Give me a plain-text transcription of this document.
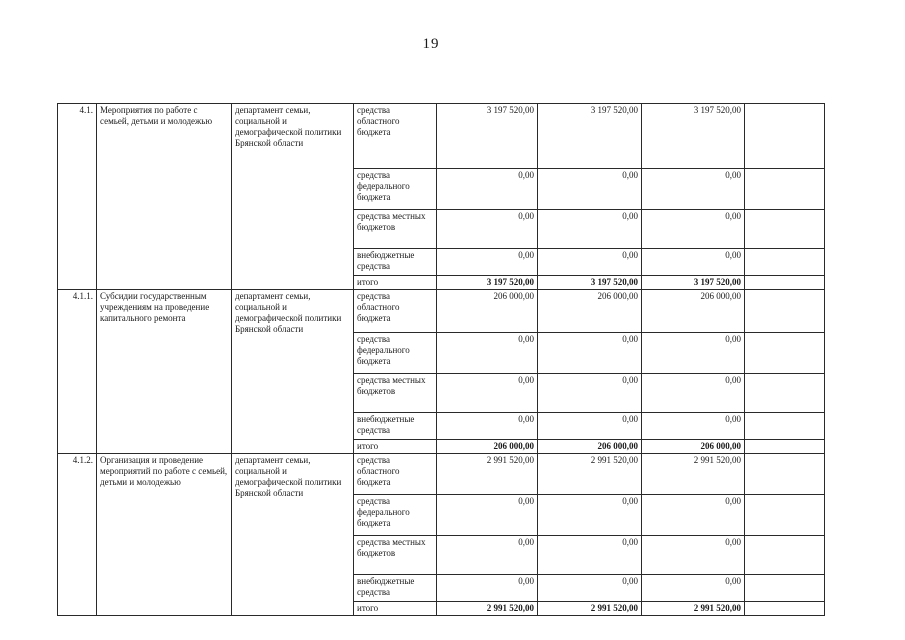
19
4.1.	Мероприятия по работе с семьей, детьми и молодежью	департамент семьи, социальной и демографической политики Брянской области	средства областного бюджета	3 197 520,00	3 197 520,00	3 197 520,00	
			средства федерального бюджета	0,00	0,00	0,00	
			средства местных бюджетов	0,00	0,00	0,00	
			внебюджетные средства	0,00	0,00	0,00	
			итого	3 197 520,00	3 197 520,00	3 197 520,00	
4.1.1.	Субсидии государственным учреждениям на проведение капитального ремонта	департамент семьи, социальной и демографической политики Брянской области	средства областного бюджета	206 000,00	206 000,00	206 000,00	
			средства федерального бюджета	0,00	0,00	0,00	
			средства местных бюджетов	0,00	0,00	0,00	
			внебюджетные средства	0,00	0,00	0,00	
			итого	206 000,00	206 000,00	206 000,00	
4.1.2.	Организация и проведение мероприятий по работе с семьей, детьми и молодежью	департамент семьи, социальной и демографической политики Брянской области	средства областного бюджета	2 991 520,00	2 991 520,00	2 991 520,00	
			средства федерального бюджета	0,00	0,00	0,00	
			средства местных бюджетов	0,00	0,00	0,00	
			внебюджетные средства	0,00	0,00	0,00	
			итого	2 991 520,00	2 991 520,00	2 991 520,00	
